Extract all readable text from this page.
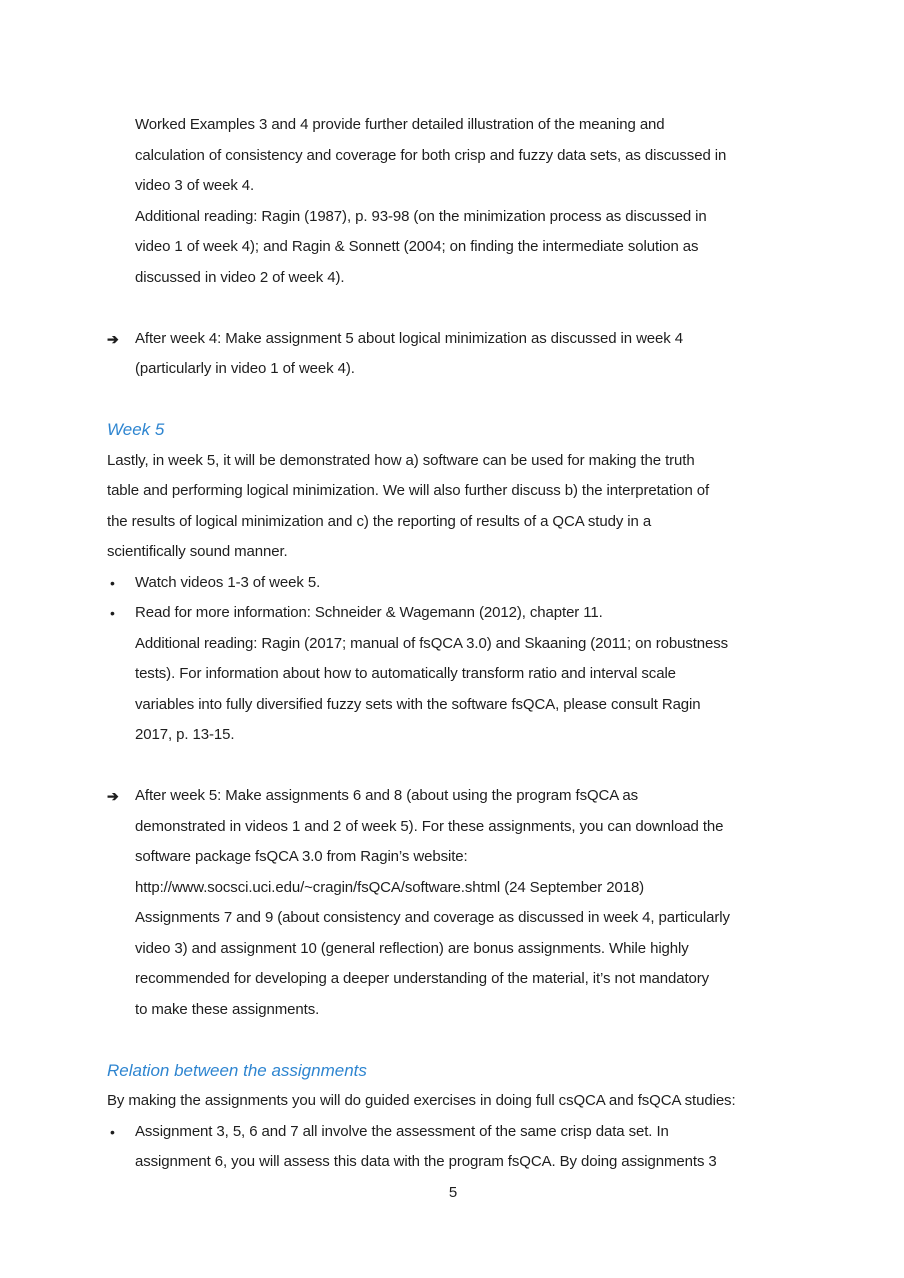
Worked Examples 3 and 4 provide further detailed illustration of the meaning and
calculation of consistency and coverage for both crisp and fuzzy data sets, as discussed in
video 3 of week 4.
Additional reading: Ragin (1987), p. 93-98 (on the minimization process as discussed in
video 1 of week 4); and Ragin & Sonnett (2004; on finding the intermediate solution as
discussed in video 2 of week 4).
➔ After week 4: Make assignment 5 about logical minimization as discussed in week 4
(particularly in video 1 of week 4).
Week 5
Lastly, in week 5, it will be demonstrated how a) software can be used for making the truth
table and performing logical minimization. We will also further discuss b) the interpretation of
the results of logical minimization and c) the reporting of results of a QCA study in a
scientifically sound manner.
• Watch videos 1-3 of week 5.
• Read for more information: Schneider & Wagemann (2012), chapter 11.
Additional reading: Ragin (2017; manual of fsQCA 3.0) and Skaaning (2011; on robustness
tests). For information about how to automatically transform ratio and interval scale
variables into fully diversified fuzzy sets with the software fsQCA, please consult Ragin
2017, p. 13-15.
➔ After week 5: Make assignments 6 and 8 (about using the program fsQCA as
demonstrated in videos 1 and 2 of week 5). For these assignments, you can download the
software package fsQCA 3.0 from Ragin’s website:
http://www.socsci.uci.edu/~cragin/fsQCA/software.shtml (24 September 2018)
Assignments 7 and 9 (about consistency and coverage as discussed in week 4, particularly
video 3) and assignment 10 (general reflection) are bonus assignments. While highly
recommended for developing a deeper understanding of the material, it’s not mandatory
to make these assignments.
Relation between the assignments
By making the assignments you will do guided exercises in doing full csQCA and fsQCA studies:
• Assignment 3, 5, 6 and 7 all involve the assessment of the same crisp data set. In
assignment 6, you will assess this data with the program fsQCA. By doing assignments 3
5
